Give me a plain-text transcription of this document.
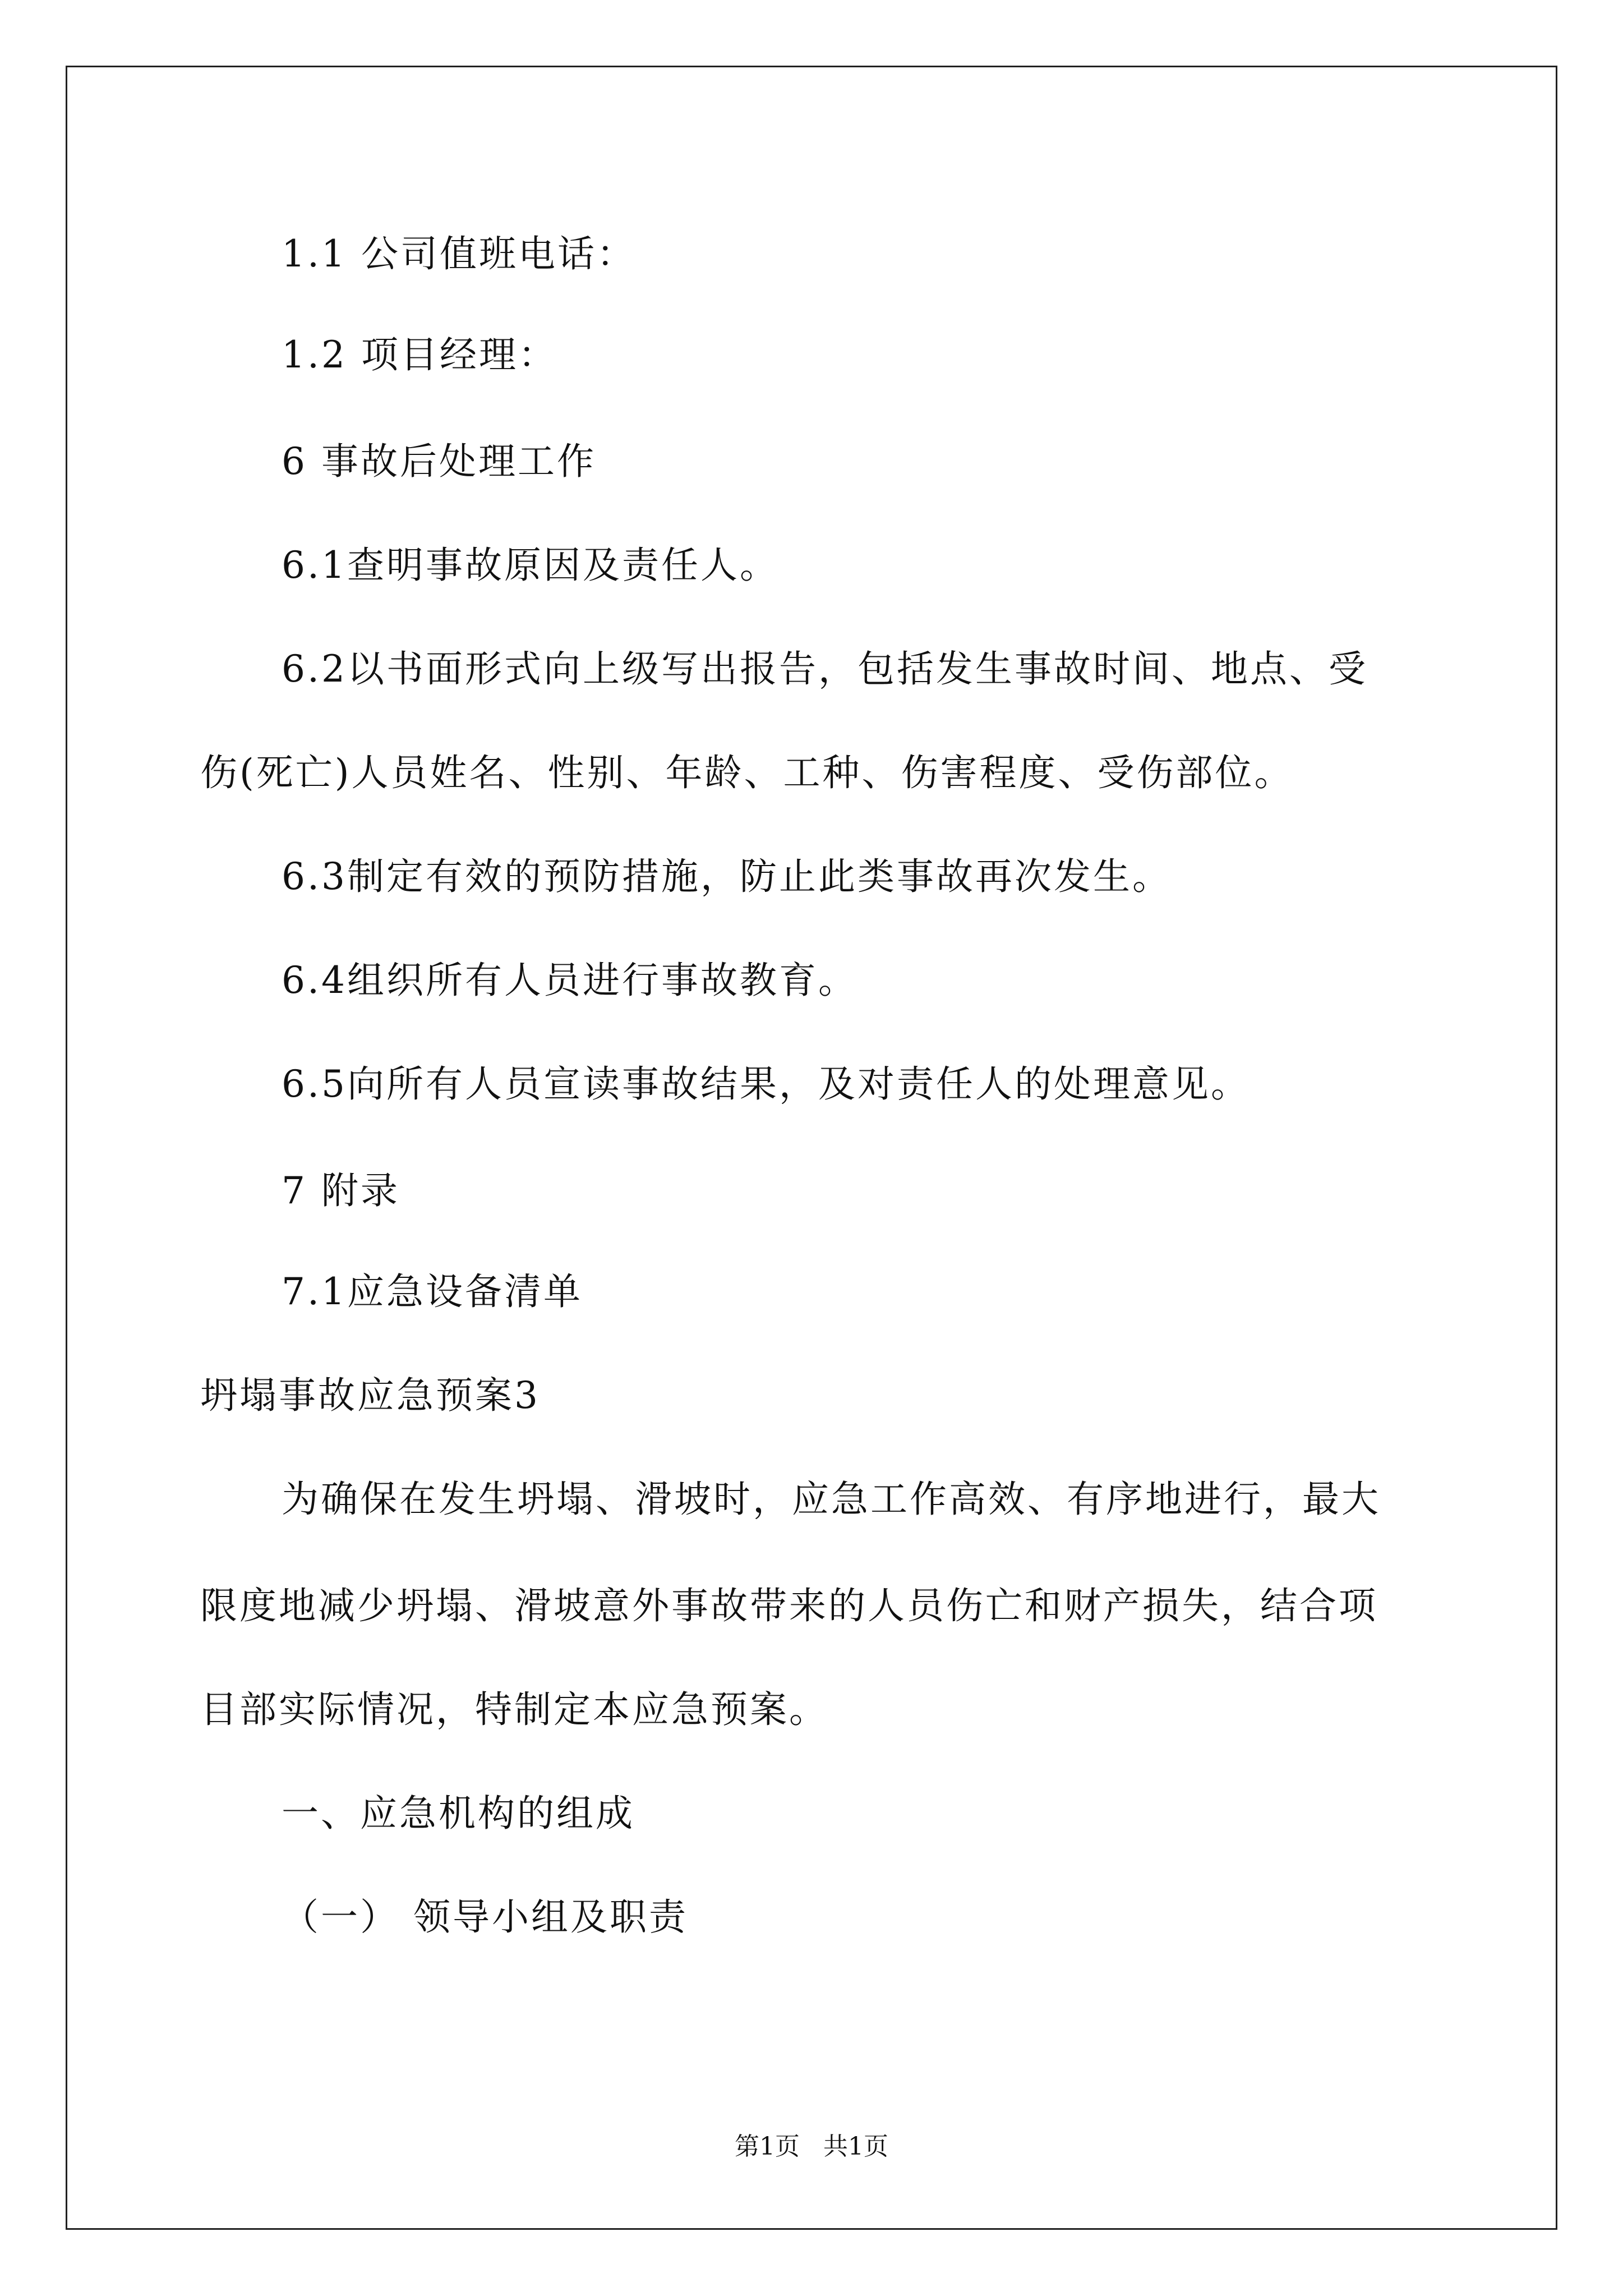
1.1 公司值班电话：
1.2 项目经理：
6 事故后处理工作
6.1查明事故原因及责任人。
6.2以书面形式向上级写出报告，包括发生事故时间、地点、受
伤(死亡)人员姓名、性别、年龄、工种、伤害程度、受伤部位。
6.3制定有效的预防措施，防止此类事故再次发生。
6.4组织所有人员进行事故教育。
6.5向所有人员宣读事故结果，及对责任人的处理意见。
7 附录
7.1应急设备清单
坍塌事故应急预案3
为确保在发生坍塌、滑坡时，应急工作高效、有序地进行，最大
限度地减少坍塌、滑坡意外事故带来的人员伤亡和财产损失，结合项
目部实际情况，特制定本应急预案。
一、应急机构的组成
（一） 领导小组及职责
第1页   共1页
